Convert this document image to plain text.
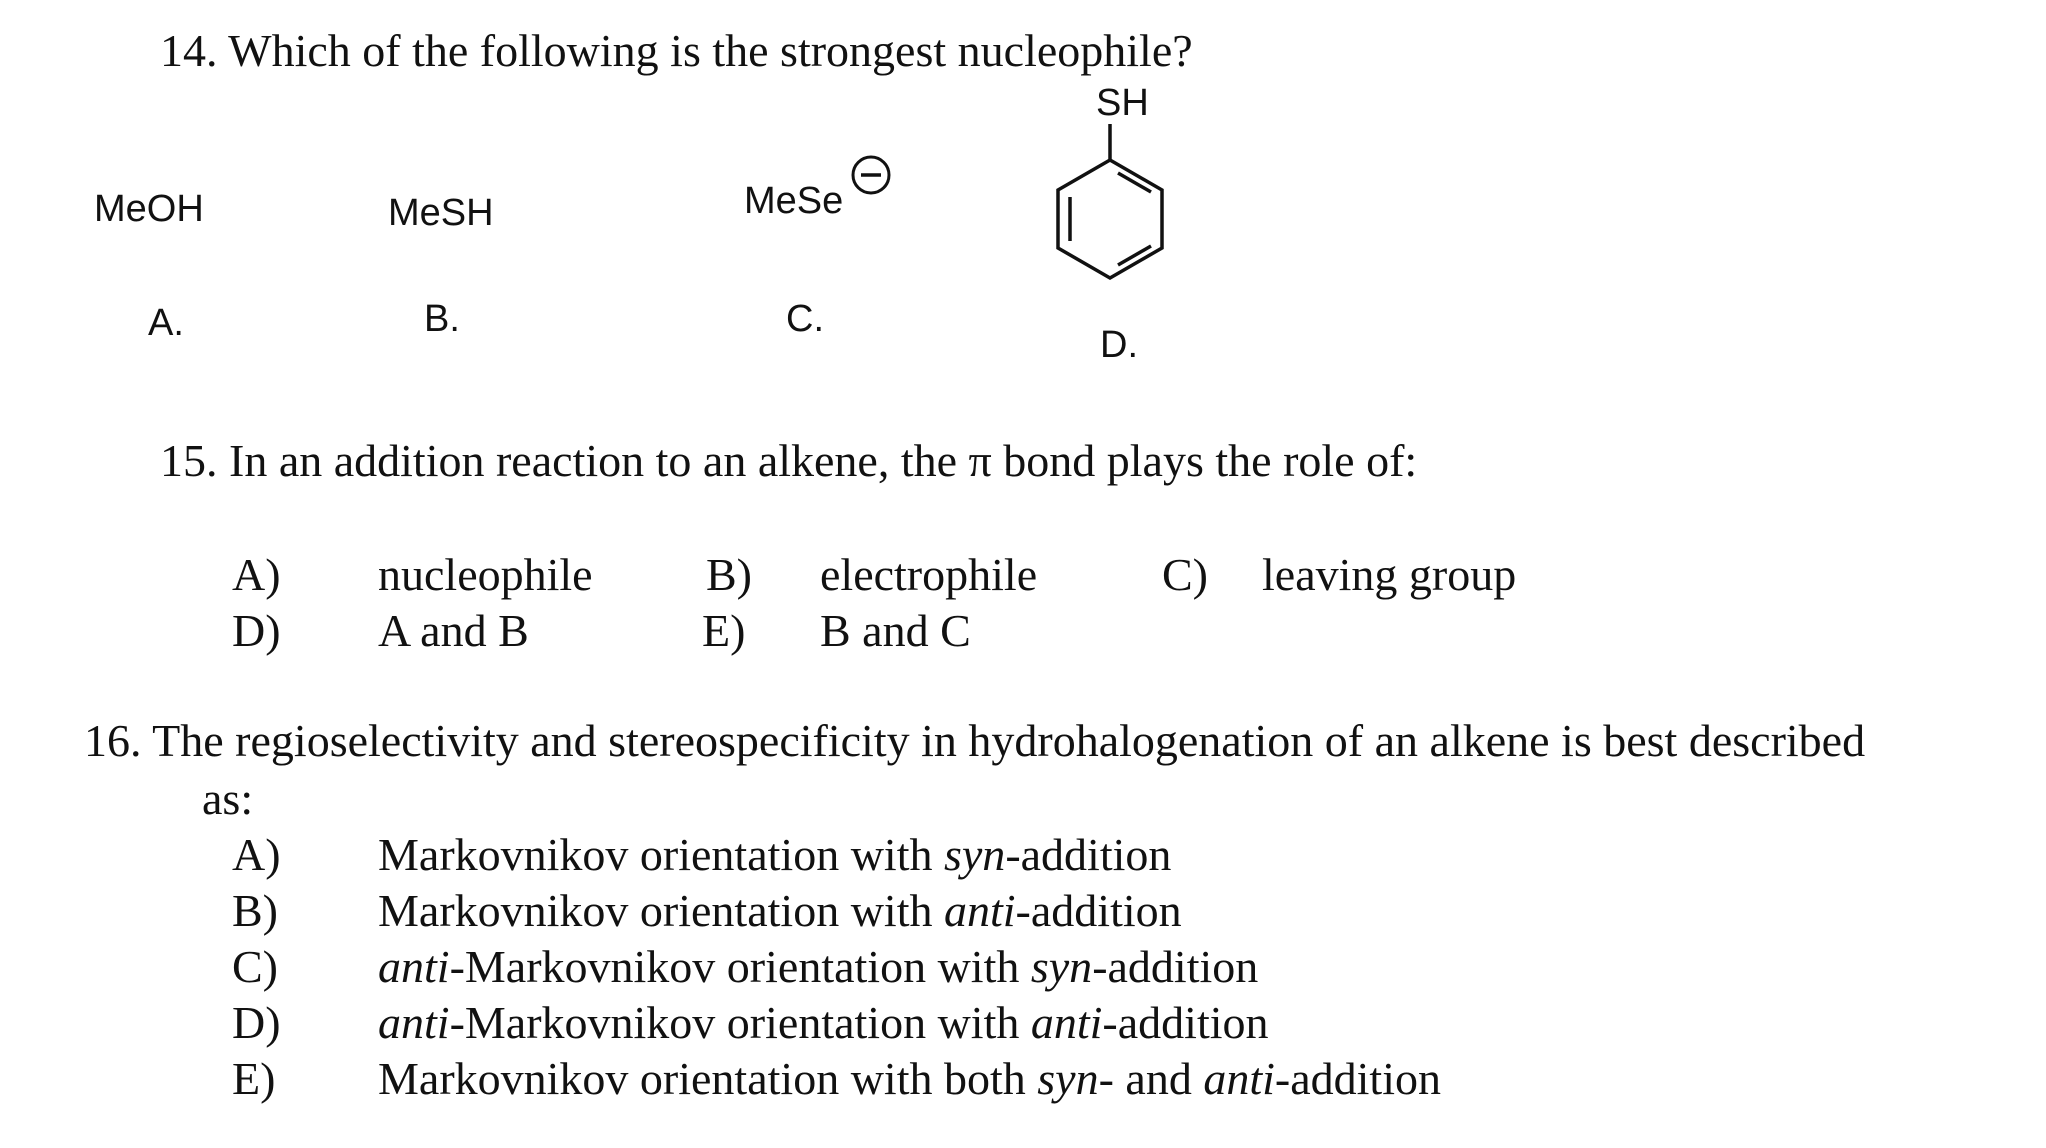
14. Which of the following is the strongest nucleophile?
MeOH
A.
MeSH
B.
MeSe
C.
SH
D.
15. In an addition reaction to an alkene, the π bond plays the role of:
A) nucleophile B) electrophile	C) leaving group
D) A and B	E) B and C
16. The regioselectivity and stereospecificity in hydrohalogenation of an alkene is best described
as:
A) Markovnikov orientation with syn-addition
B) Markovnikov orientation with anti-addition
C) anti-Markovnikov orientation with syn-addition
D) anti-Markovnikov orientation with anti-addition
E) Markovnikov orientation with both syn- and anti-addition
